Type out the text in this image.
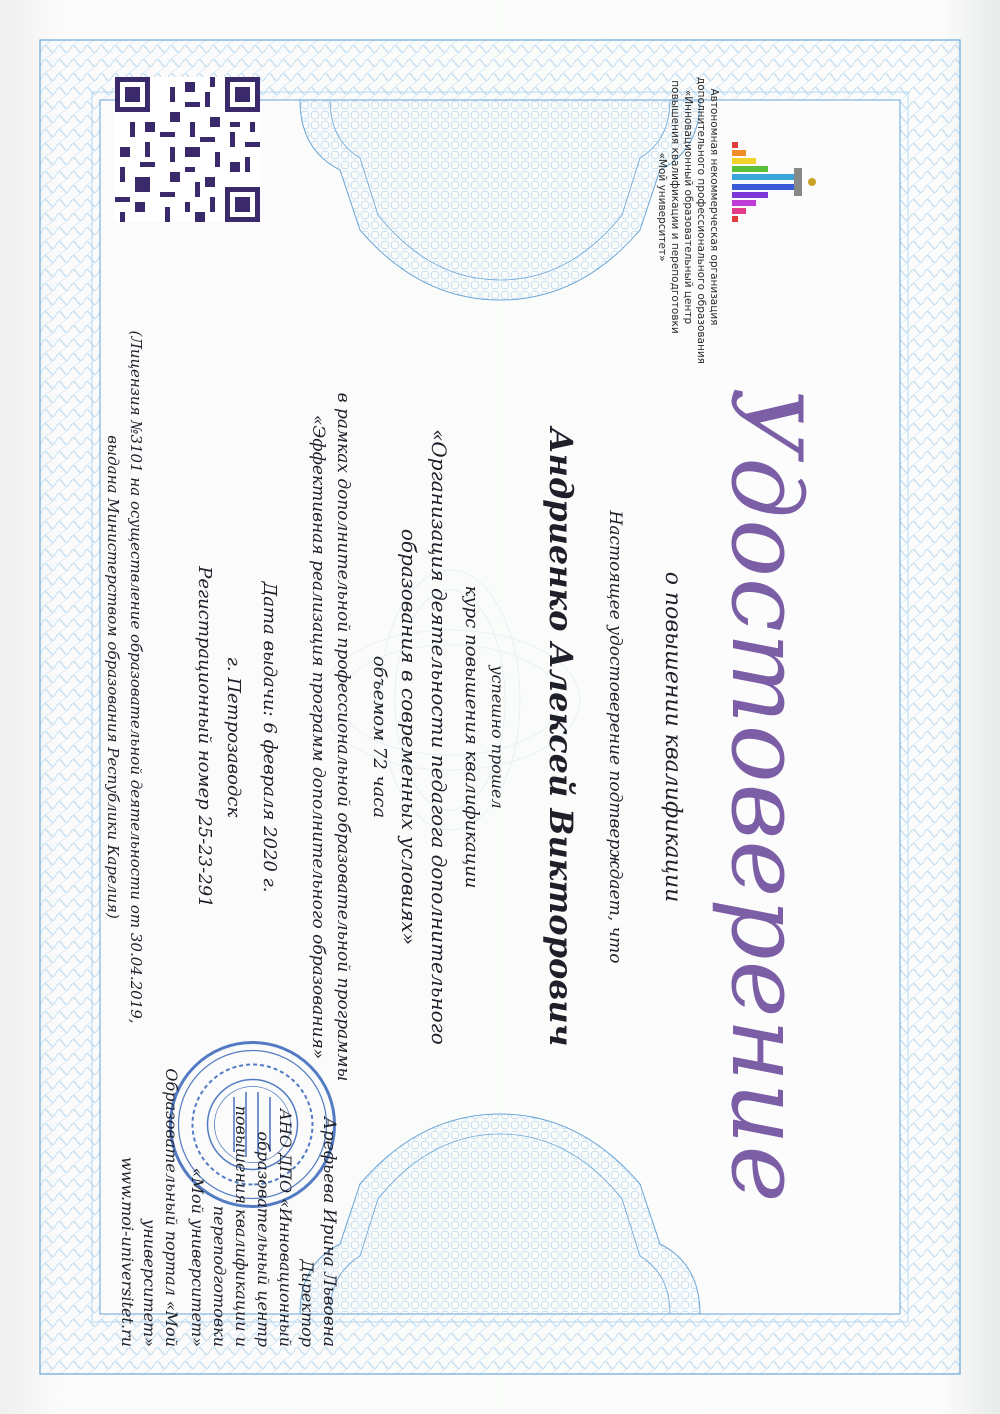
Автономная некоммерческая организация
дополнительного профессионального образования
«Инновационный образовательный центр
повышения квалификации и переподготовки
«Мой университет»
Удостоверение
о повышении квалификации
Настоящее удостоверение подтверждает, что
Андриенко Алексей Викторович
успешно прошел
курс повышения квалификации
«Организация деятельности педагога дополнительного
образования в современных условиях»
объемом 72 часа
в рамках дополнительной профессиональной образовательной программы
«Эффективная реализация программ дополнительного образования»
Дата выдачи: 6 февраля 2020 г.
г. Петрозаводск
Регистрационный номер 25-23-291
(Лицензия №3101 на осуществление образовательной деятельности от 30.04.2019,
выдана Министерством образования Республики Карелия)
Арефьева Ирина Львовна
Директор
АНО ДПО «Инновационный образовательный центр
повышения квалификации и переподготовки
«Мой университет»
Образовательный портал «Мой университет»
www.moi-universitet.ru
